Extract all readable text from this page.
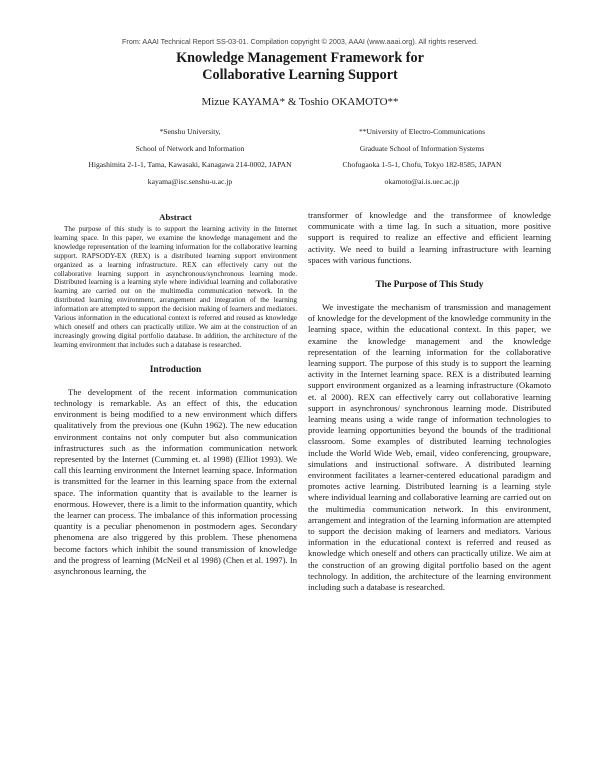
From: AAAI Technical Report SS-03-01. Compilation copyright © 2003, AAAI (www.aaai.org). All rights reserved.
Knowledge Management Framework for
Collaborative Learning Support
Mizue KAYAMA* & Toshio OKAMOTO**
*Senshu University,
School of Network and Information
Higashimita 2-1-1, Tama, Kawasaki, Kanagawa 214-0002, JAPAN
kayama@isc.senshu-u.ac.jp
**University of Electro-Communications
Graduate School of Information Systems
Chofugaoka 1-5-1, Chofu, Tokyo 182-8585, JAPAN
okamoto@ai.is.uec.ac.jp
Abstract

The purpose of this study is to support the learning activity in the Internet learning space. In this paper, we examine the knowledge management and the knowledge representation of the learning information for the collaborative learning support. RAPSODY-EX (REX) is a distributed learning support environment organized as a learning infrastructure. REX can effectively carry out the collaborative learning support in asynchronous/synchronous learning mode. Distributed learning is a learning style where individual learning and collaborative learning are carried out on the multimedia communication network. In the distributed learning environment, arrangement and integration of the learning information are attempted to support the decision making of learners and mediators. Various information in the educational context is referred and reused as knowledge which oneself and others can practically utilize. We aim at the construction of an increasingly growing digital portfolio database. In addition, the architecture of the learning environment that includes such a database is researched.

Introduction

The development of the recent information communication technology is remarkable. As an effect of this, the education environment is being modified to a new environment which differs qualitatively from the previous one (Kuhn 1962). The new education environment contains not only computer but also communication infrastructures such as the information communication network represented by the Internet (Cumming et. al 1998) (Elliot 1993). We call this learning environment the Internet learning space. Information is transmitted for the learner in this learning space from the external space. The information quantity that is available to the learner is enormous. However, there is a limit to the information quantity, which the learner can process. The imbalance of this information processing quantity is a peculiar phenomenon in postmodern ages. Secondary phenomena are also triggered by this problem. These phenomena become factors which inhibit the sound transmission of knowledge and the progress of learning (McNeil et al 1998) (Chen et al. 1997). In asynchronous learning, the

transformer of knowledge and the transformee of knowledge communicate with a time lag. In such a situation, more positive support is required to realize an effective and efficient learning activity. We need to build a learning infrastructure with learning spaces with various functions.

The Purpose of This Study

We investigate the mechanism of transmission and management of knowledge for the development of the knowledge community in the learning space, within the educational context. In this paper, we examine the knowledge management and the knowledge representation of the learning information for the collaborative learning support. The purpose of this study is to support the learning activity in the Internet learning space. REX is a distributed learning support environment organized as a learning infrastructure (Okamoto et. al 2000). REX can effectively carry out collaborative learning support in asynchronous/ synchronous learning mode. Distributed learning means using a wide range of information technologies to provide learning opportunities beyond the bounds of the traditional classroom. Some examples of distributed learning technologies include the World Wide Web, email, video conferencing, groupware, simulations and instructional software. A distributed learning environment facilitates a learner-centered educational paradigm and promotes active learning. Distributed learning is a learning style where individual learning and collaborative learning are carried out on the multimedia communication network. In this environment, arrangement and integration of the learning information are attempted to support the decision making of learners and mediators. Various information in the educational context is referred and reused as knowledge which oneself and others can practically utilize. We aim at the construction of an growing digital portfolio based on the agent technology. In addition, the architecture of the learning environment including such a database is researched.
